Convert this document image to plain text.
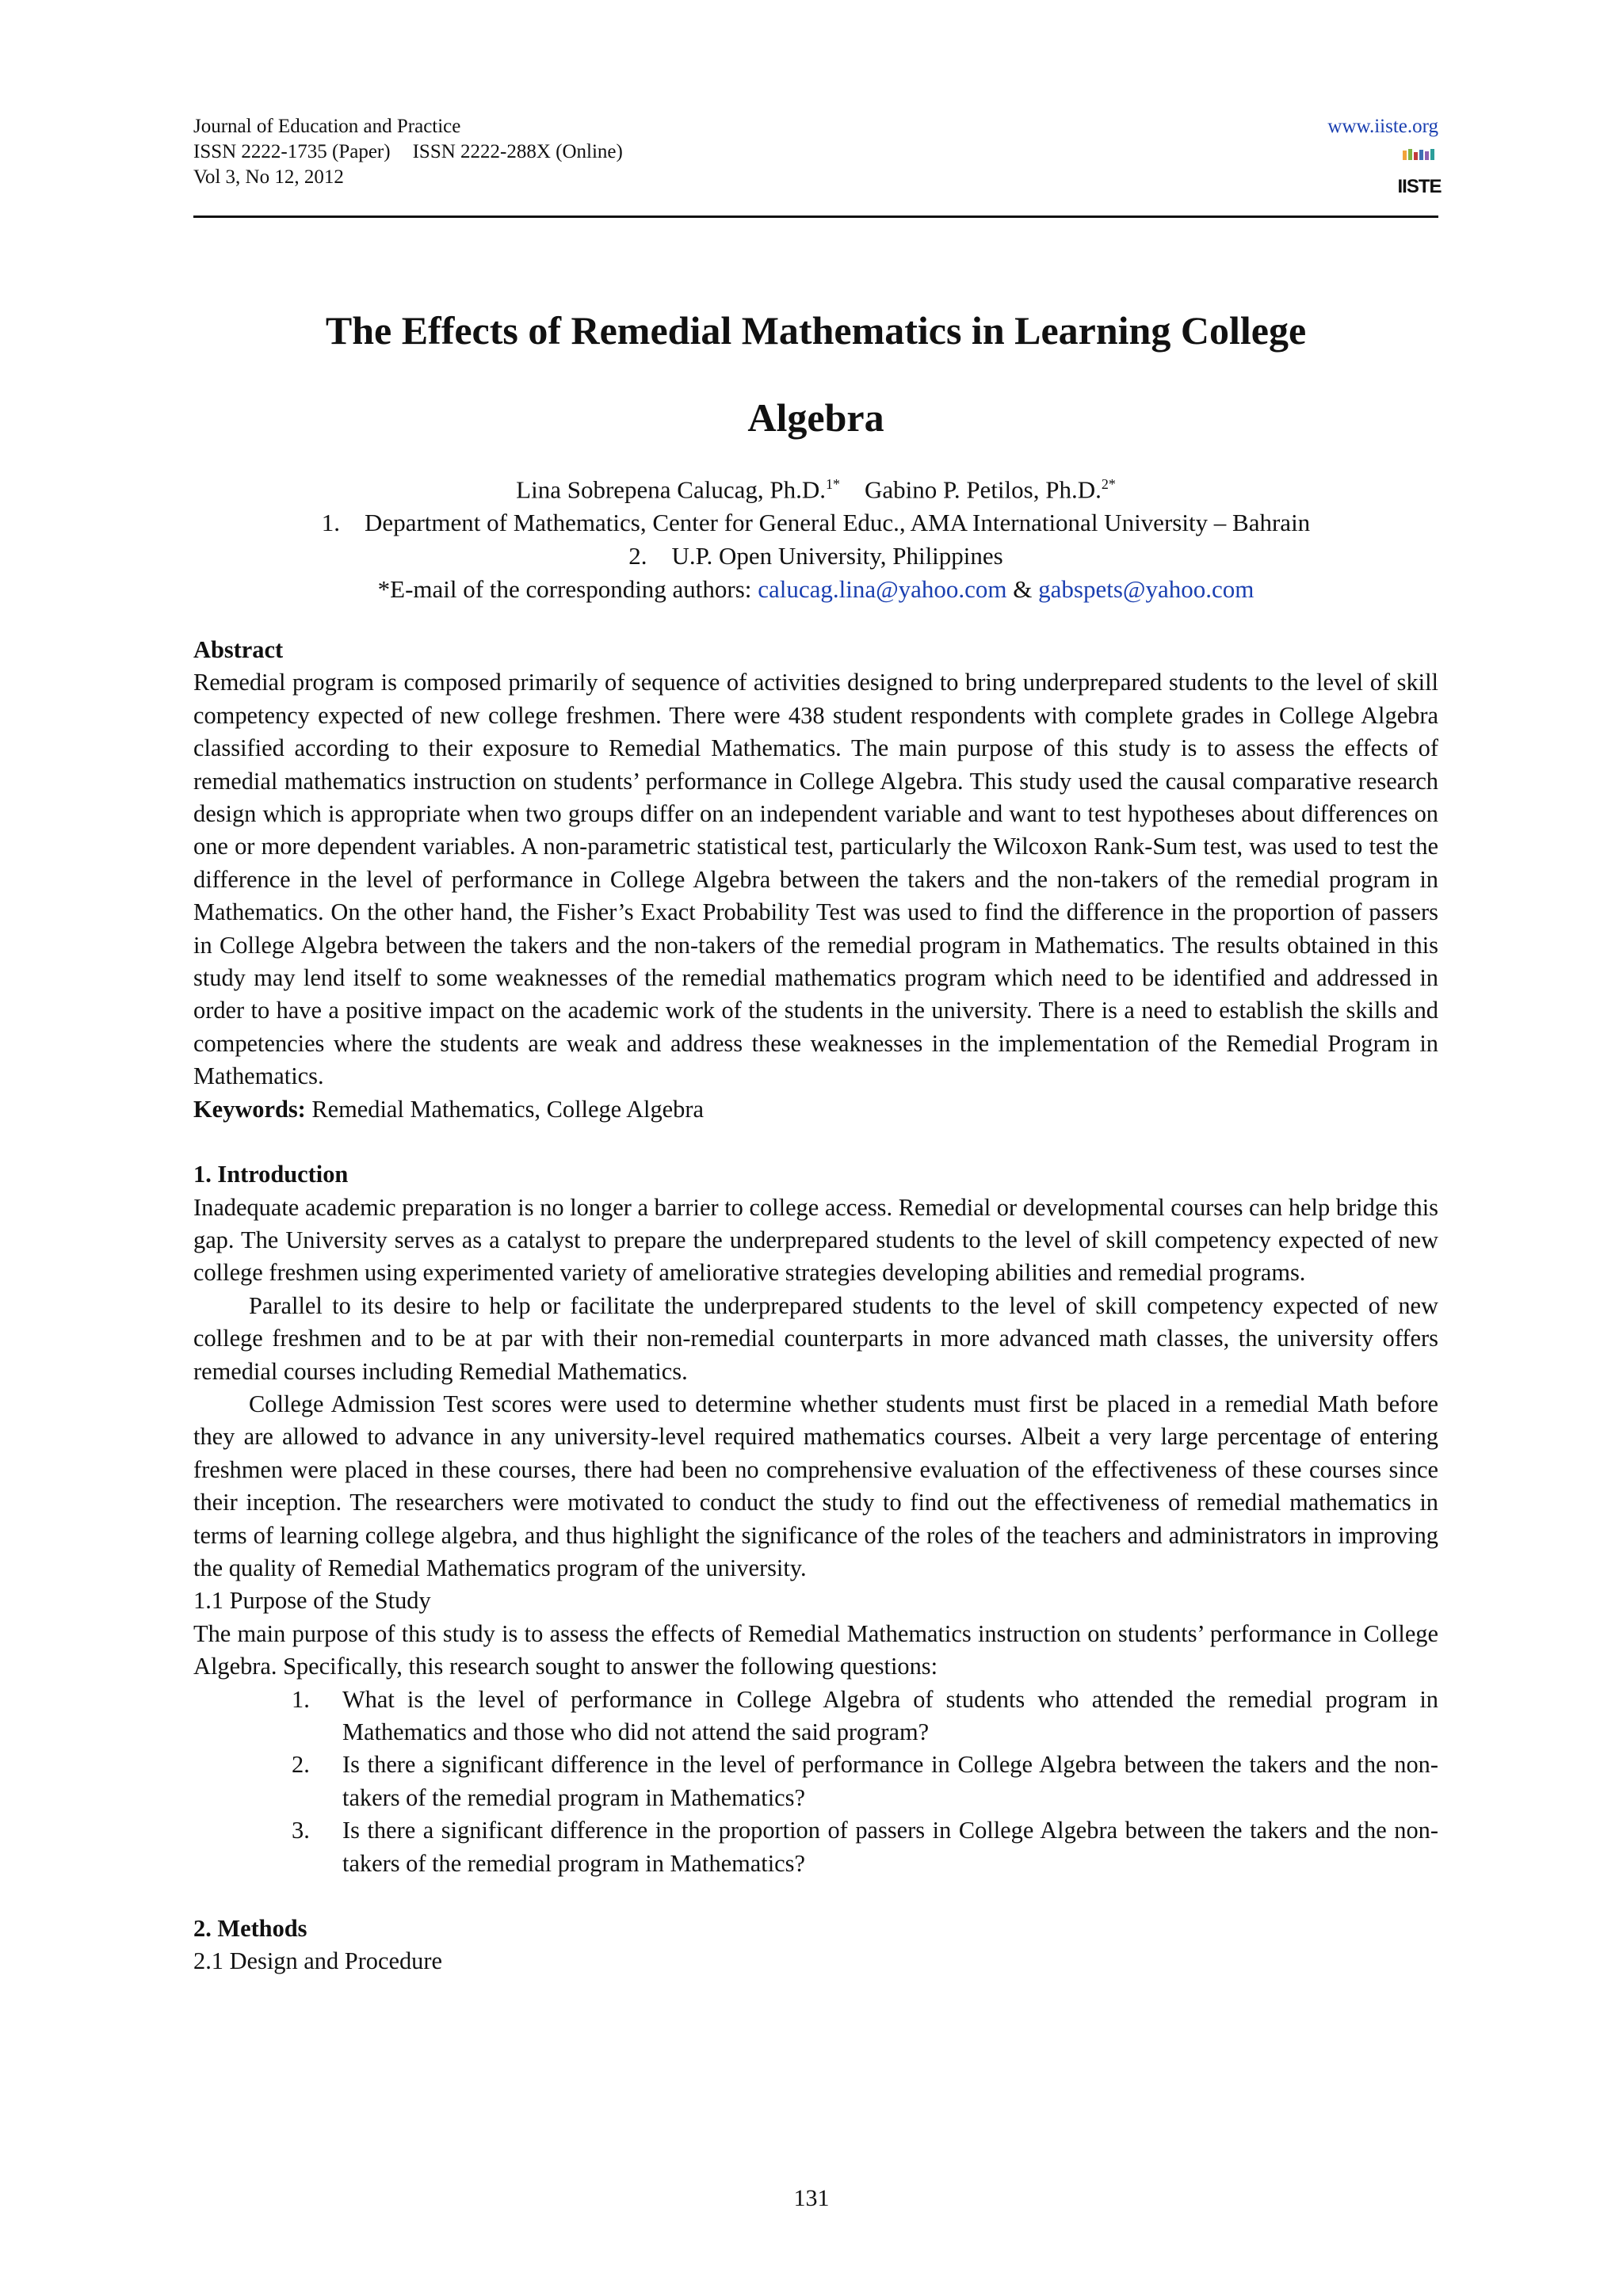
Journal of Education and Practice
ISSN 2222-1735 (Paper) ISSN 2222-288X (Online)
Vol 3, No 12, 2012
www.iiste.org
IISTE
The Effects of Remedial Mathematics in Learning College
Algebra
Lina Sobrepena Calucag, Ph.D.$^{1*}$ Gabino P. Petilos, Ph.D.$^{2*}$
1. Department of Mathematics, Center for General Educ., AMA International University – Bahrain
2. U.P. Open University, Philippines
*E-mail of the corresponding authors: calucag.lina@yahoo.com & gabspets@yahoo.com

Abstract

Remedial program is composed primarily of sequence of activities designed to bring underprepared students to the level of skill competency expected of new college freshmen. There were 438 student respondents with complete grades in College Algebra classified according to their exposure to Remedial Mathematics. The main purpose of this study is to assess the effects of remedial mathematics instruction on students’ performance in College Algebra. This study used the causal comparative research design which is appropriate when two groups differ on an independent variable and want to test hypotheses about differences on one or more dependent variables. A non-parametric statistical test, particularly the Wilcoxon Rank-Sum test, was used to test the difference in the level of performance in College Algebra between the takers and the non-takers of the remedial program in Mathematics. On the other hand, the Fisher’s Exact Probability Test was used to find the difference in the proportion of passers in College Algebra between the takers and the non-takers of the remedial program in Mathematics. The results obtained in this study may lend itself to some weaknesses of the remedial mathematics program which need to be identified and addressed in order to have a positive impact on the academic work of the students in the university. There is a need to establish the skills and competencies where the students are weak and address these weaknesses in the implementation of the Remedial Program in Mathematics.

Keywords: Remedial Mathematics, College Algebra

1. Introduction

Inadequate academic preparation is no longer a barrier to college access. Remedial or developmental courses can help bridge this gap. The University serves as a catalyst to prepare the underprepared students to the level of skill competency expected of new college freshmen using experimented variety of ameliorative strategies developing abilities and remedial programs.

Parallel to its desire to help or facilitate the underprepared students to the level of skill competency expected of new college freshmen and to be at par with their non-remedial counterparts in more advanced math classes, the university offers remedial courses including Remedial Mathematics.

College Admission Test scores were used to determine whether students must first be placed in a remedial Math before they are allowed to advance in any university-level required mathematics courses. Albeit a very large percentage of entering freshmen were placed in these courses, there had been no comprehensive evaluation of the effectiveness of these courses since their inception. The researchers were motivated to conduct the study to find out the effectiveness of remedial mathematics in terms of learning college algebra, and thus highlight the significance of the roles of the teachers and administrators in improving the quality of Remedial Mathematics program of the university.

1.1 Purpose of the Study

The main purpose of this study is to assess the effects of Remedial Mathematics instruction on students’ performance in College Algebra. Specifically, this research sought to answer the following questions:

1. What is the level of performance in College Algebra of students who attended the remedial program in Mathematics and those who did not attend the said program?
2. Is there a significant difference in the level of performance in College Algebra between the takers and the non-takers of the remedial program in Mathematics?
3. Is there a significant difference in the proportion of passers in College Algebra between the takers and the non-takers of the remedial program in Mathematics?

2. Methods

2.1 Design and Procedure

131
